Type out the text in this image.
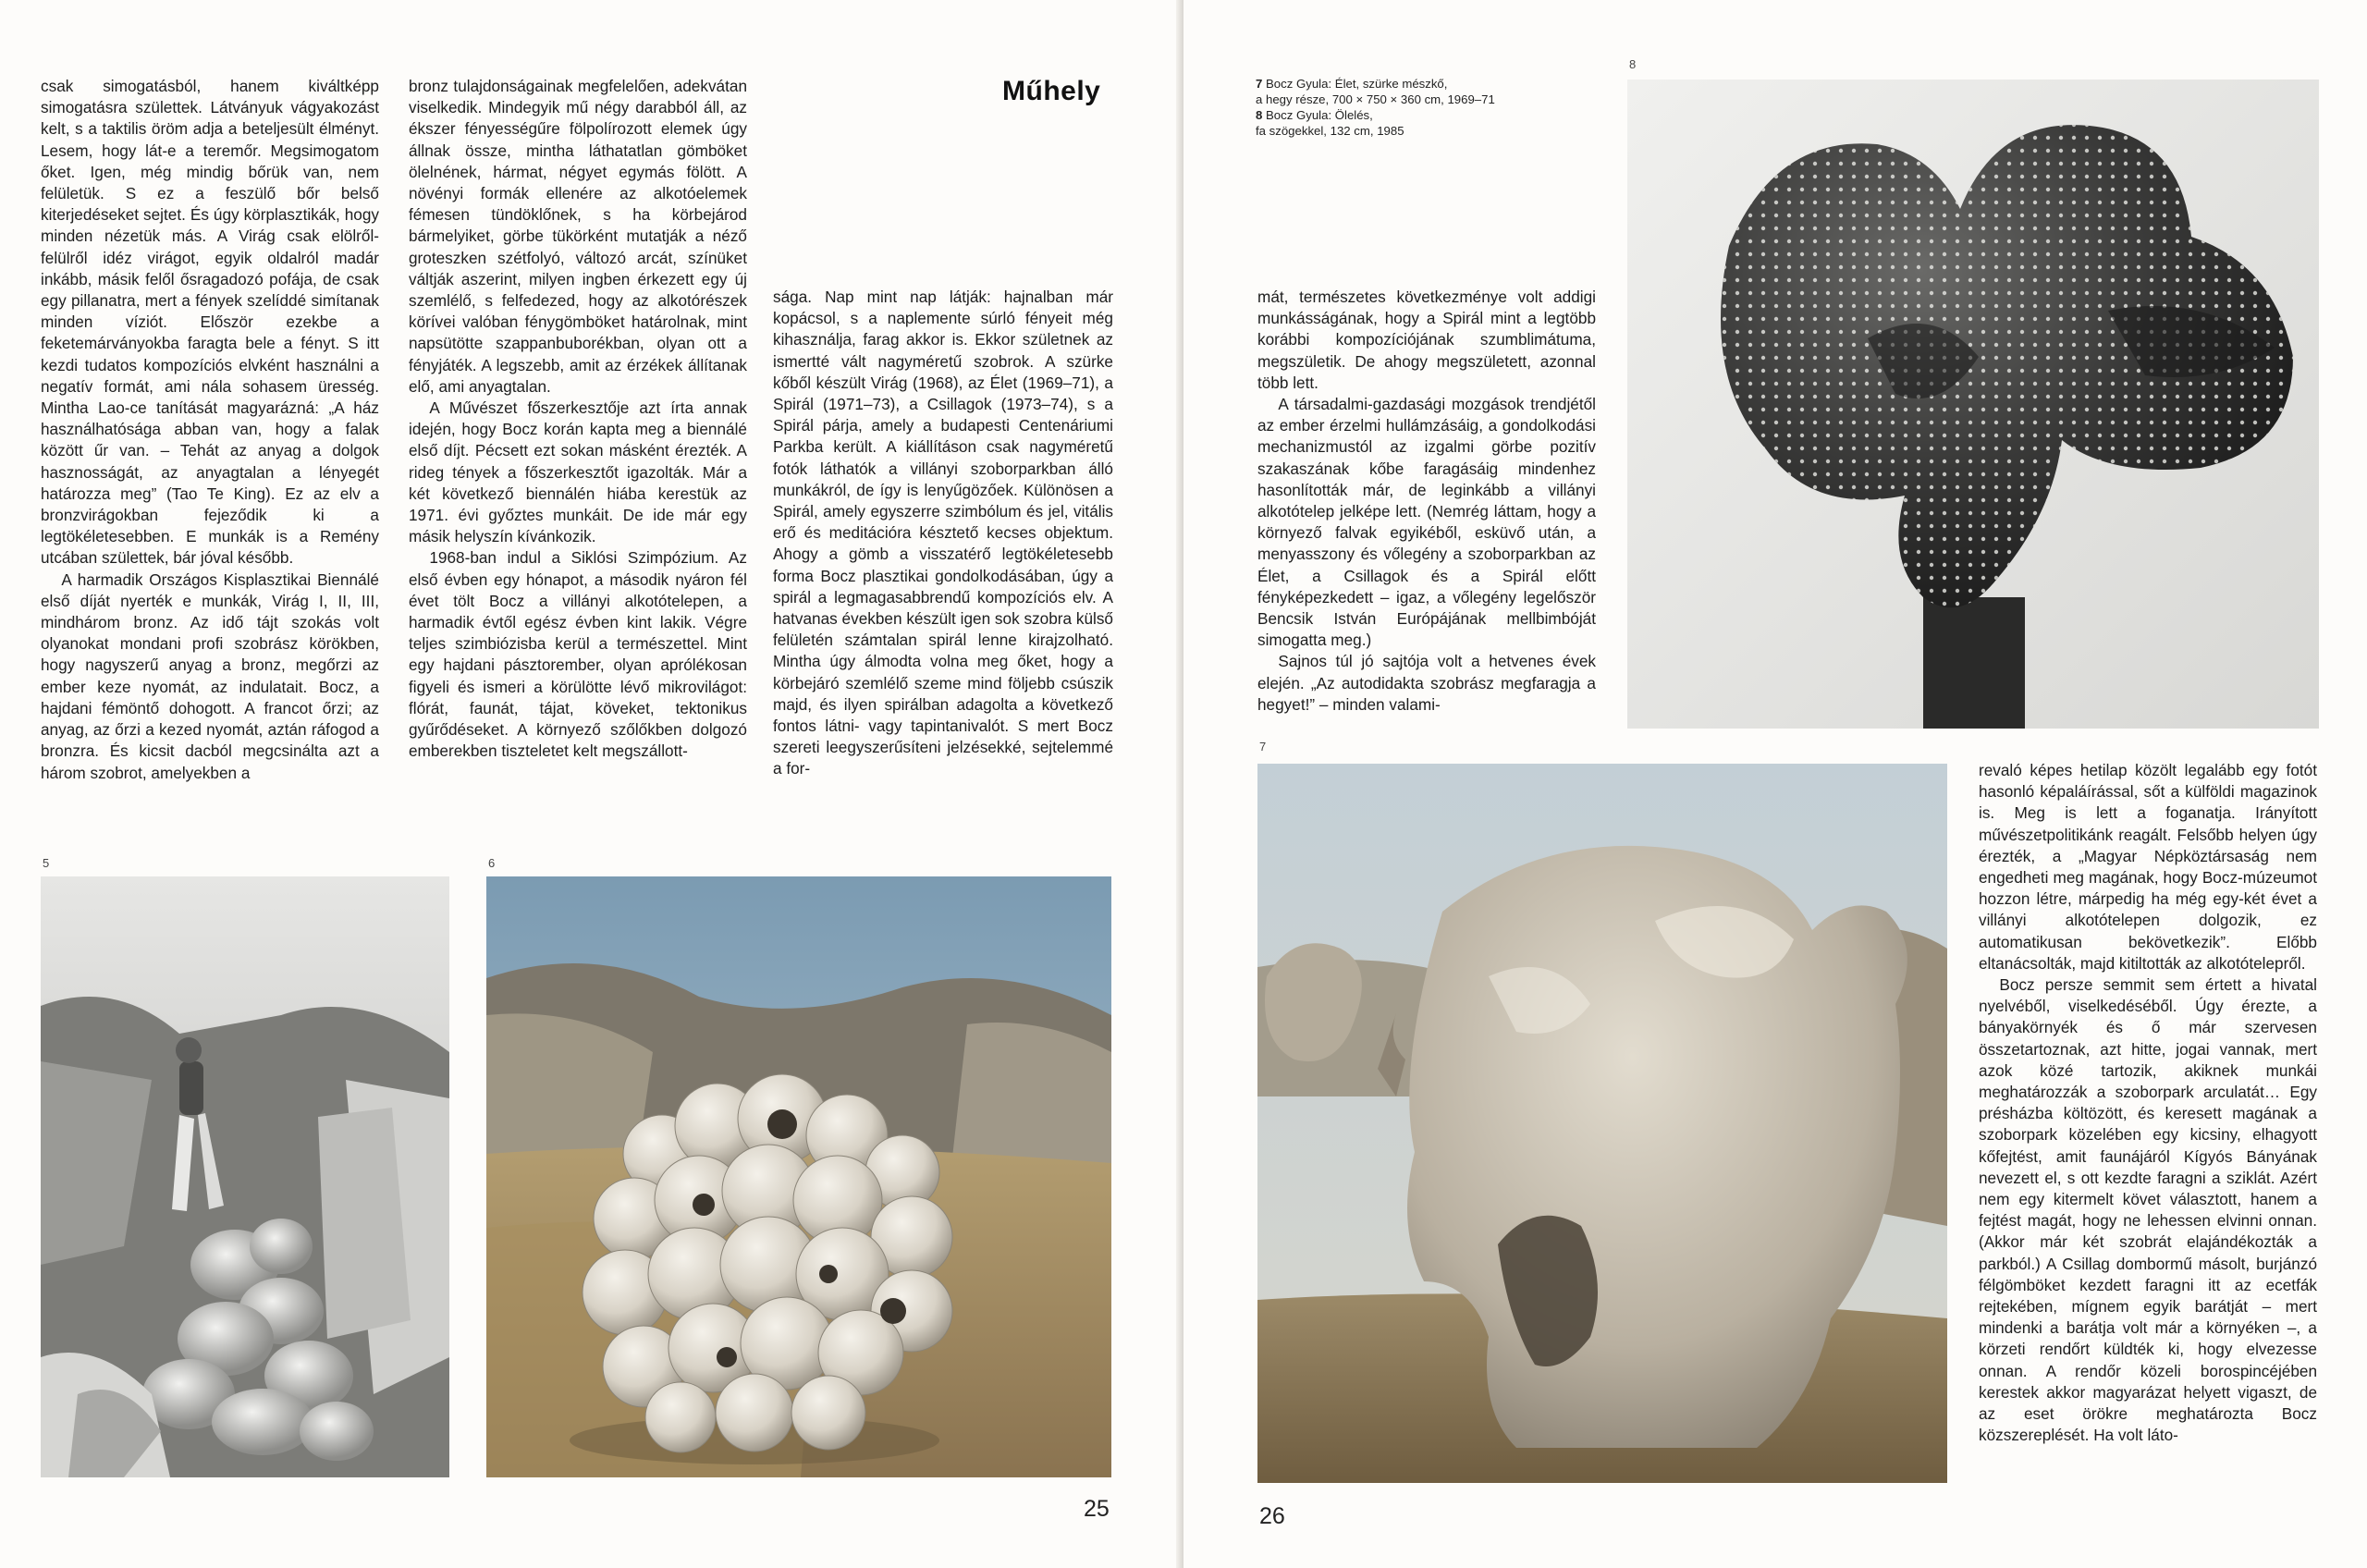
Műhely

csak simogatásból, hanem kiváltképp simogatásra születtek. Látványuk vágyakozást kelt, s a taktilis öröm adja a beteljesült élményt. Lesem, hogy lát-e a teremőr. Megsimogatom őket. Igen, még mindig bőrük van, nem felületük. S ez a feszülő bőr belső kiterjedéseket sejtet. És úgy körplasztikák, hogy minden nézetük más. A Virág csak elölről-felülről idéz virágot, egyik oldalról madár inkább, másik felől ősragadozó pofája, de csak egy pillanatra, mert a fények szelíddé simítanak minden víziót. Először ezekbe a feketemárványokba faragta bele a fényt. S itt kezdi tudatos kompozíciós elvként használni a negatív formát, ami nála sohasem üresség. Mintha Lao-ce tanítását magyarázná: „A ház használhatósága abban van, hogy a falak között űr van. – Tehát az anyag a dolgok hasznosságát, az anyagtalan a lényegét határozza meg” (Tao Te King). Ez az elv a bronzvirágokban fejeződik ki a legtökéletesebben. E munkák is a Remény utcában születtek, bár jóval később.

A harmadik Országos Kisplasztikai Biennálé első díját nyerték e munkák, Virág I, II, III, mindhárom bronz. Az idő tájt szokás volt olyanokat mondani profi szobrász körökben, hogy nagyszerű anyag a bronz, megőrzi az ember keze nyomát, az indulatait. Bocz, a hajdani fémöntő dohogott. A francot őrzi; az anyag, az őrzi a kezed nyomát, aztán ráfogod a bronzra. És kicsit dacból megcsinálta azt a három szobrot, amelyekben a

bronz tulajdonságainak megfelelően, adekvátan viselkedik. Mindegyik mű négy darabból áll, az ékszer fényességűre fölpolírozott elemek úgy állnak össze, mintha láthatatlan gömböket ölelnének, hármat, négyet egymás fölött. A növényi formák ellenére az alkotóelemek fémesen tündöklőnek, s ha körbejárod bármelyiket, görbe tükörként mutatják a néző groteszken szétfolyó, változó arcát, színüket váltják aszerint, milyen ingben érkezett egy új szemlélő, s felfedezed, hogy az alkotórészek körívei valóban fénygömböket határolnak, mint napsütötte szappanbuborékban, olyan ott a fényjáték. A legszebb, amit az érzékek állítanak elő, ami anyagtalan.

A Művészet főszerkesztője azt írta annak idején, hogy Bocz korán kapta meg a biennálé első díjt. Pécsett ezt sokan másként érezték. A rideg tények a főszerkesztőt igazolták. Már a két következő biennálén hiába kerestük az 1971. évi győztes munkáit. De ide már egy másik helyszín kívánkozik.

1968-ban indul a Siklósi Szimpózium. Az első évben egy hónapot, a második nyáron fél évet tölt Bocz a villányi alkotótelepen, a harmadik évtől egész évben kint lakik. Végre teljes szimbiózisba kerül a természettel. Mint egy hajdani pásztorember, olyan aprólékosan figyeli és ismeri a körülötte lévő mikrovilágot: flórát, faunát, tájat, köveket, tektonikus gyűrődéseket. A környező szőlőkben dolgozó emberekben tiszteletet kelt megszállott-

sága. Nap mint nap látják: hajnalban már kopácsol, s a naplemente súrló fényeit még kihasználja, farag akkor is. Ekkor születnek az ismertté vált nagyméretű szobrok. A szürke kőből készült Virág (1968), az Élet (1969–71), a Spirál (1971–73), a Csillagok (1973–74), s a Spirál párja, amely a budapesti Centenáriumi Parkba került. A kiállításon csak nagyméretű fotók láthatók a villányi szoborparkban álló munkákról, de így is lenyűgözőek. Különösen a Spirál, amely egyszerre szimbólum és jel, vitális erő és meditációra késztető kecses objektum. Ahogy a gömb a visszatérő legtökéletesebb forma Bocz plasztikai gondolkodásában, úgy a spirál a legmagasabbrendű kompozíciós elv. A hatvanas években készült igen sok szobra külső felületén számtalan spirál lenne kirajzolható. Mintha úgy álmodta volna meg őket, hogy a körbejáró szemlélő szeme mind följebb csúszik majd, és ilyen spirálban adagolta a következő fontos látni- vagy tapintanivalót. S mert Bocz szereti leegyszerűsíteni jelzésekké, sejtelemmé a for-

5	6
25
7 Bocz Gyula: Élet, szürke mészkő,
a hegy része, 700 × 750 × 360 cm, 1969–71
8 Bocz Gyula: Ölelés,
fa szögekkel, 132 cm, 1985

mát, természetes következménye volt addigi munkásságának, hogy a Spirál mint a legtöbb korábbi kompozíciójának szumblimátuma, megszületik. De ahogy megszületett, azonnal több lett.

A társadalmi-gazdasági mozgások trendjétől az ember érzelmi hullámzásáig, a gondolkodási mechanizmustól az izgalmi görbe pozitív szakaszának kőbe faragásáig mindenhez hasonlították már, de leginkább a villányi alkotótelep jelképe lett. (Nemrég láttam, hogy a környező falvak egyikéből, esküvő után, a menyasszony és vőlegény a szoborparkban az Élet, a Csillagok és a Spirál előtt fényképezkedett – igaz, a vőlegény legelőször Bencsik István Európájának mellbimbóját simogatta meg.)

Sajnos túl jó sajtója volt a hetvenes évek elején. „Az autodidakta szobrász megfaragja a hegyet!” – minden valami-

8
7

revaló képes hetilap közölt legalább egy fotót hasonló képaláírással, sőt a külföldi magazinok is. Meg is lett a foganatja. Irányított művészetpolitikánk reagált. Felsőbb helyen úgy érezték, a „Magyar Népköztársaság nem engedheti meg magának, hogy Bocz-múzeumot hozzon létre, márpedig ha még egy-két évet a villányi alkotótelepen dolgozik, ez automatikusan bekövetkezik”. Előbb eltanácsolták, majd kitiltották az alkotótelepről.

Bocz persze semmit sem értett a hivatal nyelvéből, viselkedéséből. Úgy érezte, a bányakörnyék és ő már szervesen összetartoznak, azt hitte, jogai vannak, mert azok közé tartozik, akiknek munkái meghatározzák a szoborpark arculatát… Egy présházba költözött, és keresett magának a szoborpark közelében egy kicsiny, elhagyott kőfejtést, amit faunájáról Kígyós Bányának nevezett el, s ott kezdte faragni a sziklát. Azért nem egy kitermelt követ választott, hanem a fejtést magát, hogy ne lehessen elvinni onnan. (Akkor már két szobrát elajándékozták a parkból.) A Csillag dombormű másolt, burjánzó félgömböket kezdett faragni itt az ecetfák rejtekében, mígnem egyik barátját – mert mindenki a barátja volt már a környéken –, a körzeti rendőrt küldték ki, hogy elvezesse onnan. A rendőr közeli borospincéjében kerestek akkor magyarázat helyett vigaszt, de az eset örökre meghatározta Bocz közszereplését. Ha volt láto-

26
